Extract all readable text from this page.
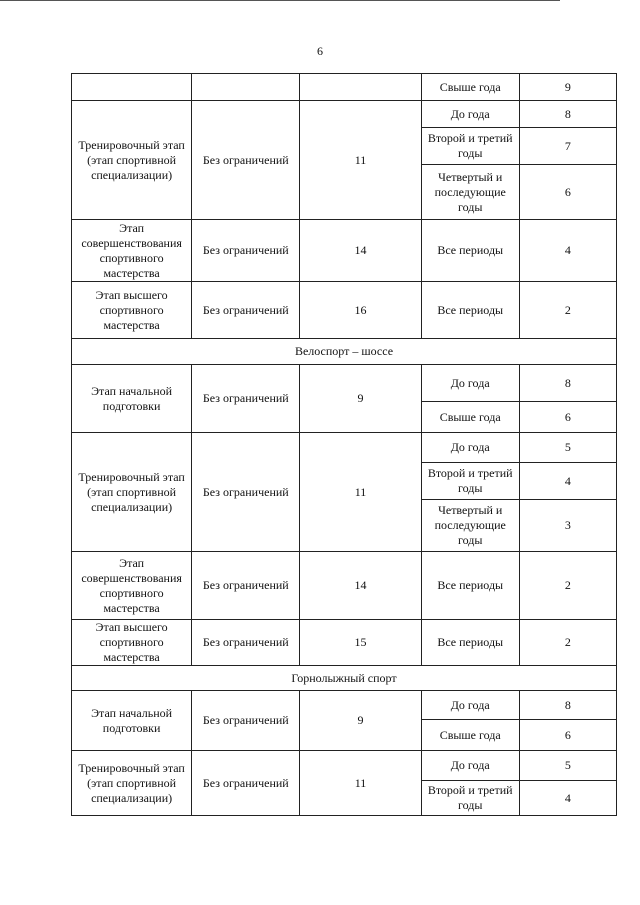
6
			Свыше года	9
Тренировочный этап (этап спортивной специализации)	Без ограничений	11	До года	8
			Второй и третий годы	7
			Четвертый и последующие годы	6
Этап совершенствования спортивного мастерства	Без ограничений	14	Все периоды	4
Этап высшего спортивного мастерства	Без ограничений	16	Все периоды	2
Велоспорт – шоссе				
Этап начальной подготовки	Без ограничений	9	До года	8
			Свыше года	6
Тренировочный этап (этап спортивной специализации)	Без ограничений	11	До года	5
			Второй и третий годы	4
			Четвертый и последующие годы	3
Этап совершенствования спортивного мастерства	Без ограничений	14	Все периоды	2
Этап высшего спортивного мастерства	Без ограничений	15	Все периоды	2
Горнолыжный спорт				
Этап начальной подготовки	Без ограничений	9	До года	8
			Свыше года	6
Тренировочный этап (этап спортивной специализации)	Без ограничений	11	До года	5
			Второй и третий годы	4
